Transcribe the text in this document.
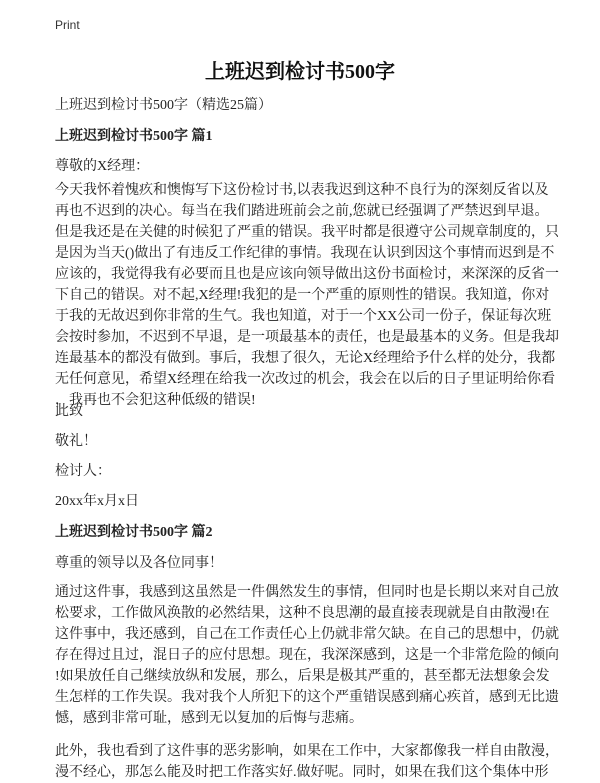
Print
上班迟到检讨书500字
上班迟到检讨书500字（精选25篇）
上班迟到检讨书500字 篇1
尊敬的X经理：
今天我怀着愧疚和懊悔写下这份检讨书,以表我迟到这种不良行为的深刻反省以及
再也不迟到的决心。每当在我们踏进班前会之前,您就已经强调了严禁迟到早退。
但是我还是在关健的时候犯了严重的错误。我平时都是很遵守公司规章制度的，只
是因为当天()做出了有违反工作纪律的事情。我现在认识到因这个事情而迟到是不
应该的，我觉得我有必要而且也是应该向领导做出这份书面检讨，来深深的反省一
下自己的错误。对不起,X经理!我犯的是一个严重的原则性的错误。我知道，你对
于我的无故迟到你非常的生气。我也知道，对于一个XX公司一份子，保证每次班
会按时参加，不迟到不早退，是一项最基本的责任，也是最基本的义务。但是我却
连最基本的都没有做到。事后，我想了很久，无论X经理给予什么样的处分，我都
无任何意见，希望X经理在给我一次改过的机会，我会在以后的日子里证明给你看
，我再也不会犯这种低级的错误!
此致
敬礼！
检讨人：
20xx年x月x日
上班迟到检讨书500字 篇2
尊重的领导以及各位同事！
通过这件事，我感到这虽然是一件偶然发生的事情，但同时也是长期以来对自己放
松要求，工作做风涣散的必然结果，这种不良思潮的最直接表现就是自由散漫!在
这件事中，我还感到，自己在工作责任心上仍就非常欠缺。在自己的思想中，仍就
存在得过且过，混日子的应付思想。现在，我深深感到，这是一个非常危险的倾向
!如果放任自己继续放纵和发展，那么，后果是极其严重的，甚至都无法想象会发
生怎样的工作失误。我对我个人所犯下的这个严重错误感到痛心疾首，感到无比遗
憾，感到非常可耻，感到无以复加的后悔与悲痛。
此外，我也看到了这件事的恶劣影响，如果在工作中，大家都像我一样自由散漫，
漫不经心，那怎么能及时把工作落实好.做好呢。同时，如果在我们这个集体中形
